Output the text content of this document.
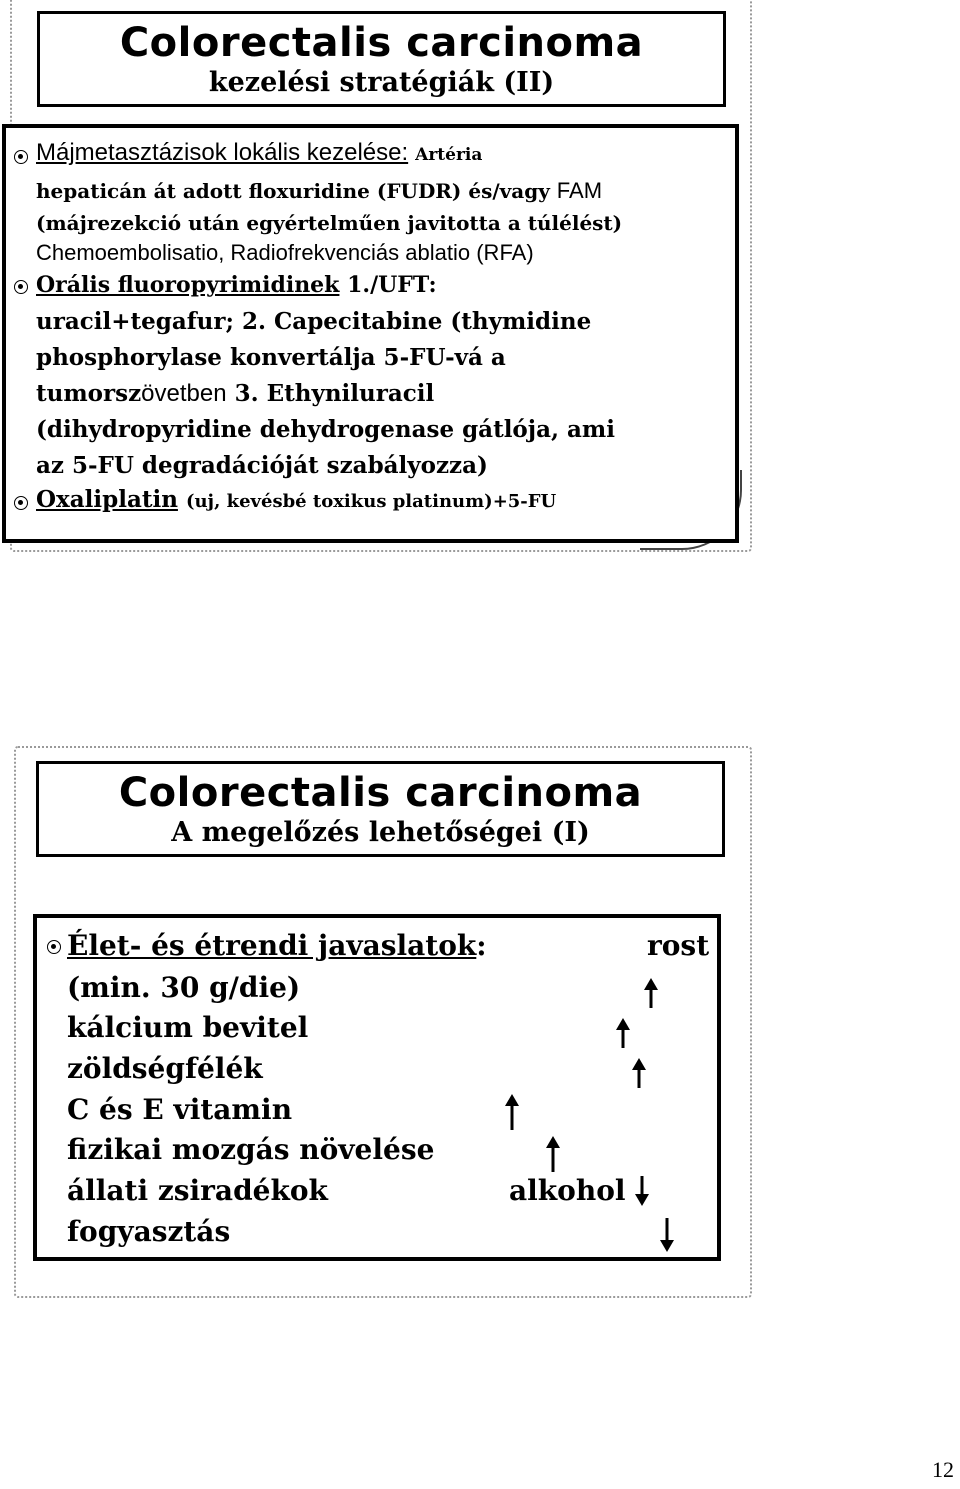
Colorectalis carcinoma
kezelési stratégiák (II)
Májmetasztázisok lokális kezelése: Artéria
hepaticán át adott floxuridine (FUDR) és/vagy FAM
(májrezekció után egyértelműen javitotta a túlélést)
Chemoembolisatio, Radiofrekvenciás ablatio (RFA)
Orális fluoropyrimidinek 1./UFT:
uracil+tegafur; 2. Capecitabine (thymidine
phosphorylase konvertálja 5-FU-vá a
tumorszövetben 3. Ethyniluracil
(dihydropyridine dehydrogenase gátlója, ami
az 5-FU degradációját szabályozza)
Oxaliplatin (uj, kevésbé toxikus platinum)+5-FU
Colorectalis carcinoma
A megelőzés lehetőségei (I)
Élet- és étrendi javaslatok:	rost
(min. 30 g/die)
kálcium bevitel
zöldségfélék
C és E vitamin
fizikai mozgás növelése
állati zsiradékok
fogyasztás
alkohol
12
